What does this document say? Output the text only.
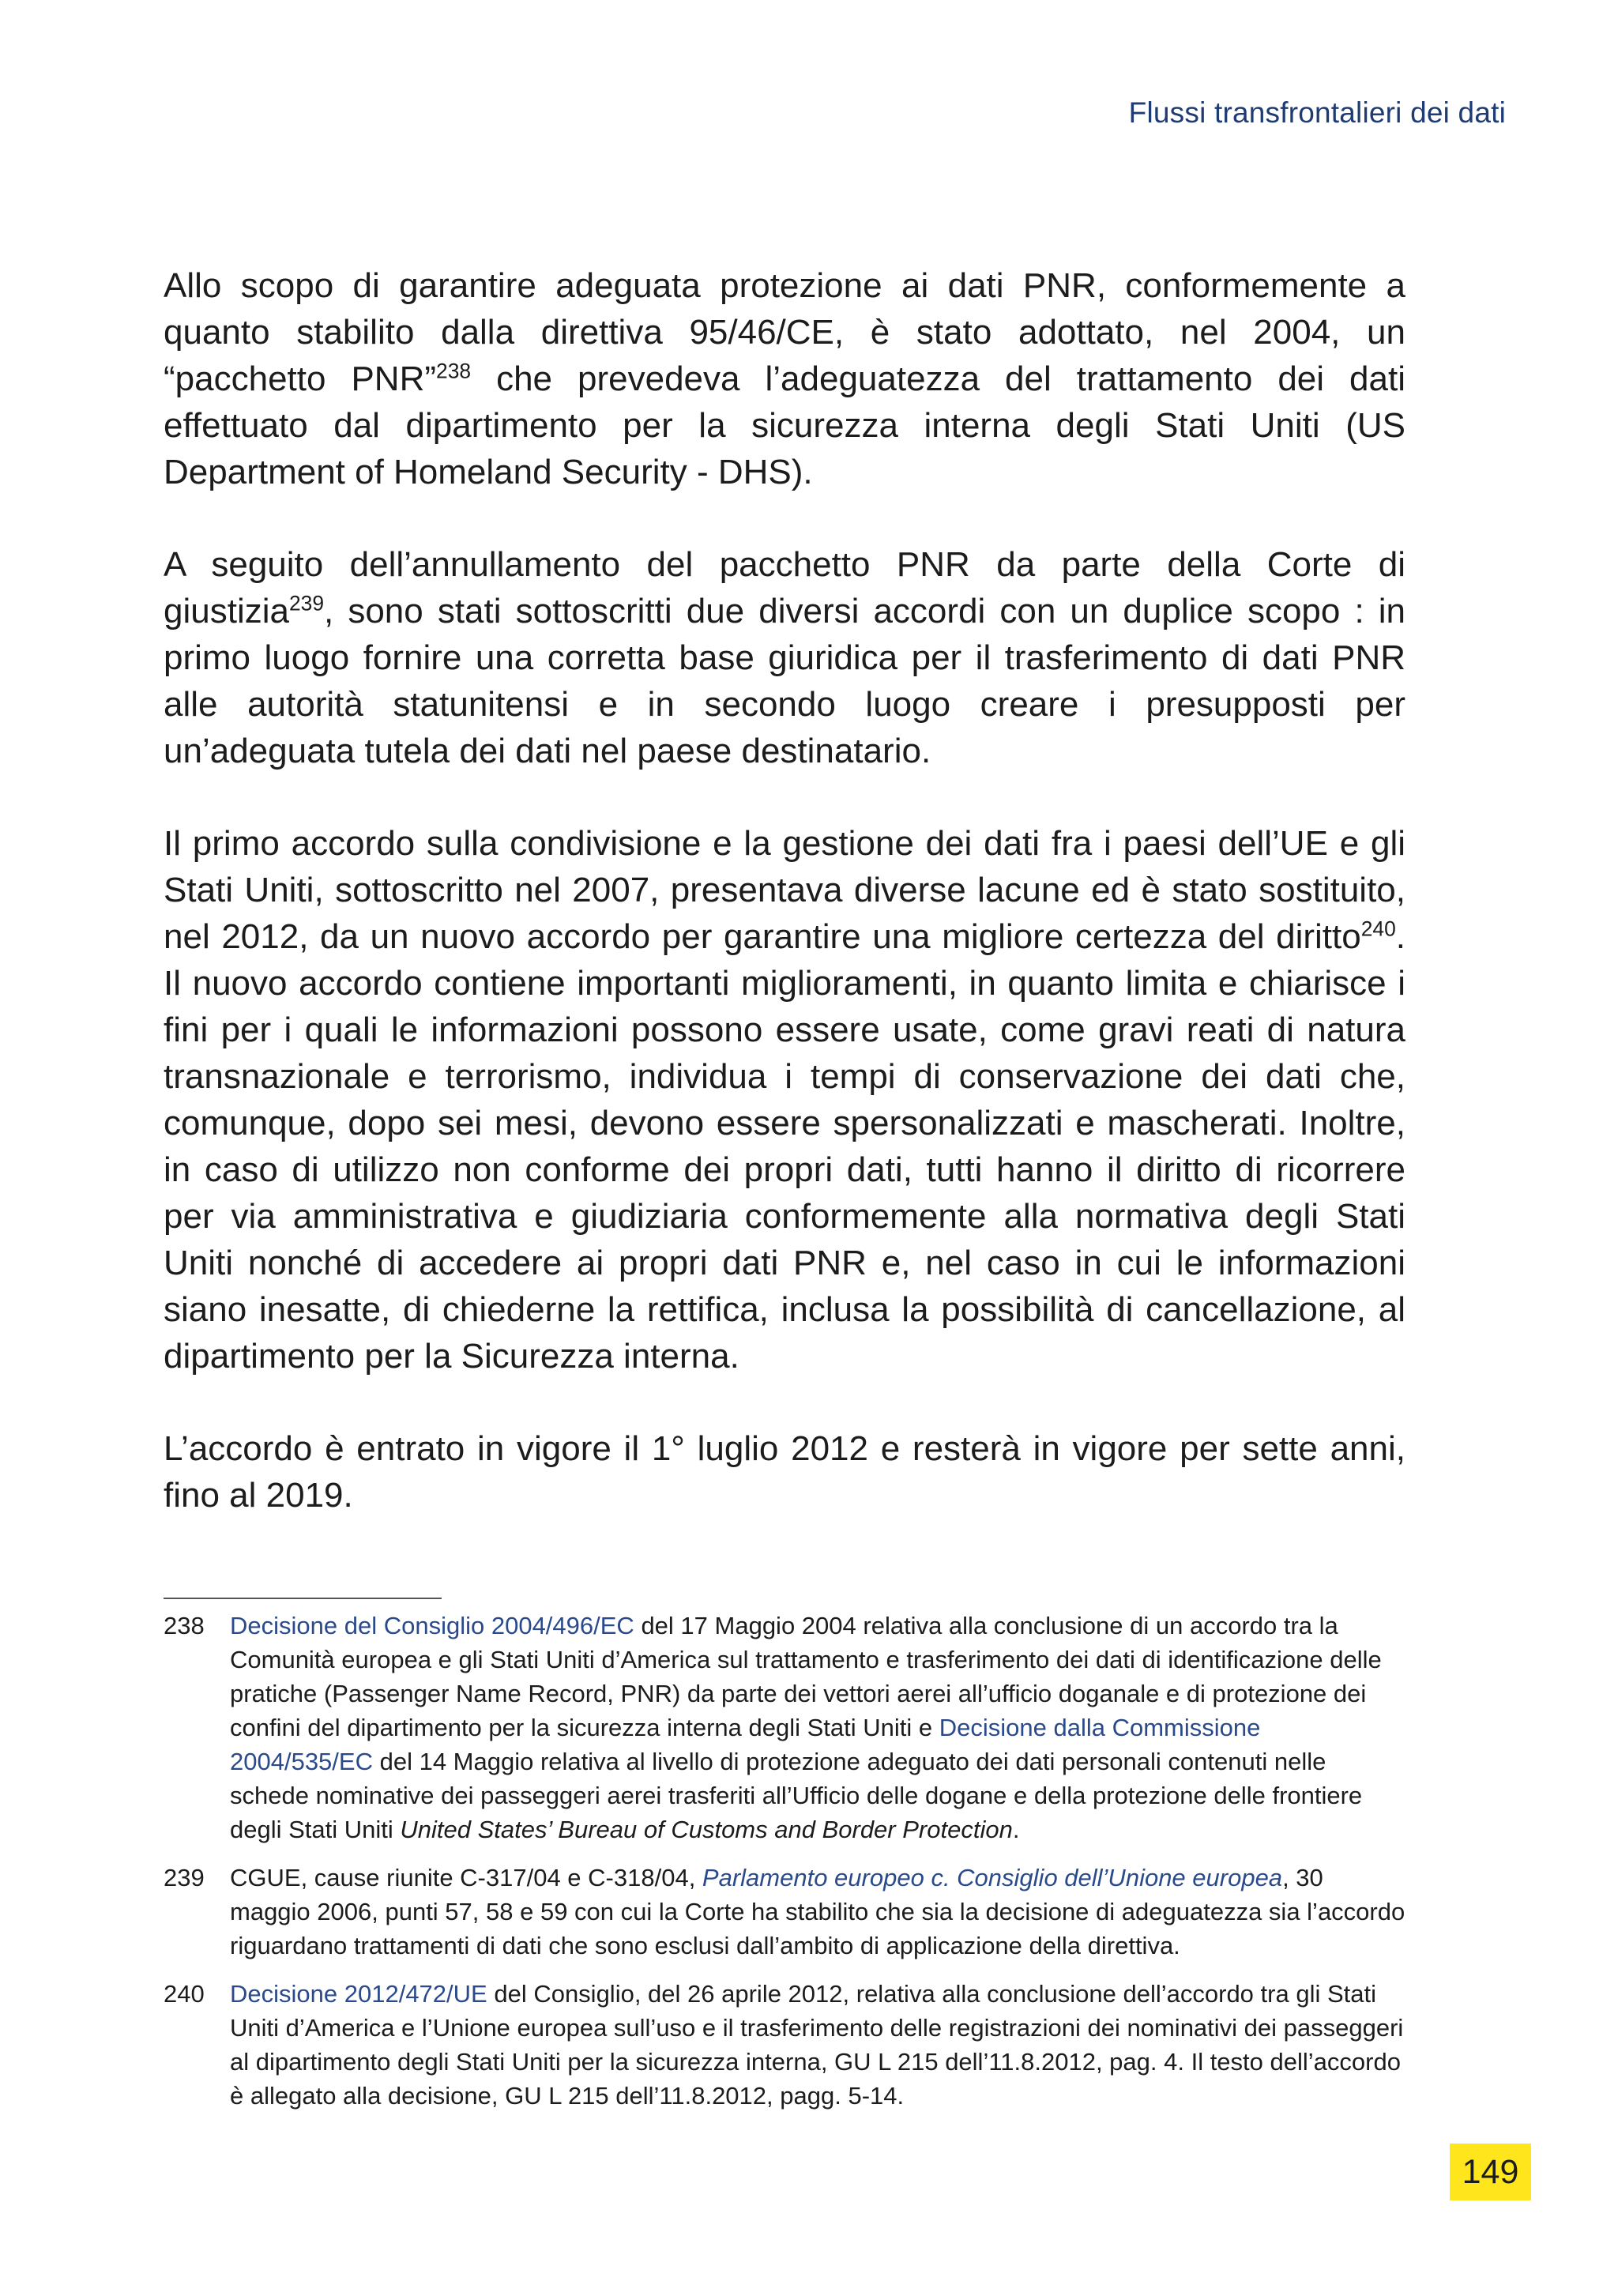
Flussi transfrontalieri dei dati

Allo scopo di garantire adeguata protezione ai dati PNR, conformemente a quanto stabilito dalla direttiva 95/46/CE, è stato adottato, nel 2004, un “pacchetto PNR”$^{238}$ che prevedeva l’adeguatezza del trattamento dei dati effettuato dal dipartimento per la sicurezza interna degli Stati Uniti (US Department of Homeland Security - DHS).

A seguito dell’annullamento del pacchetto PNR da parte della Corte di giustizia$^{239}$, sono stati sottoscritti due diversi accordi con un duplice scopo : in primo luogo fornire una corretta base giuridica per il trasferimento di dati PNR alle autorità statunitensi e in secondo luogo creare i presupposti per un’adeguata tutela dei dati nel paese destinatario.

Il primo accordo sulla condivisione e la gestione dei dati fra i paesi dell’UE e gli Stati Uniti, sottoscritto nel 2007, presentava diverse lacune ed è stato sostituito, nel 2012, da un nuovo accordo per garantire una migliore certezza del diritto$^{240}$. Il nuovo accordo contiene importanti miglioramenti, in quanto limita e chiarisce i fini per i quali le informazioni possono essere usate, come gravi reati di natura transnazionale e terrorismo, individua i tempi di conservazione dei dati che, comunque, dopo sei mesi, devono essere spersonalizzati e mascherati. Inoltre, in caso di utilizzo non conforme dei propri dati, tutti hanno il diritto di ricorrere per via amministrativa e giudiziaria conformemente alla normativa degli Stati Uniti nonché di accedere ai propri dati PNR e, nel caso in cui le informazioni siano inesatte, di chiederne la rettifica, inclusa la possibilità di cancellazione, al dipartimento per la Sicurezza interna.

L’accordo è entrato in vigore il 1° luglio 2012 e resterà in vigore per sette anni, fino al 2019.

238	Decisione del Consiglio 2004/496/EC del 17 Maggio 2004 relativa alla conclusione di un accordo tra la Comunità europea e gli Stati Uniti d’America sul trattamento e trasferimento dei dati di identificazione delle pratiche (Passenger Name Record, PNR) da parte dei vettori aerei all’ufficio doganale e di protezione dei confini del dipartimento per la sicurezza interna degli Stati Uniti e Decisione dalla Commissione 2004/535/EC del 14 Maggio relativa al livello di protezione adeguato dei dati personali contenuti nelle schede nominative dei passeggeri aerei trasferiti all’Ufficio delle dogane e della protezione delle frontiere degli Stati Uniti United States’ Bureau of Customs and Border Protection.
239	CGUE, cause riunite C-317/04 e C-318/04, Parlamento europeo c. Consiglio dell’Unione europea, 30 maggio 2006, punti 57, 58 e 59 con cui la Corte ha stabilito che sia la decisione di adeguatezza sia l’accordo riguardano trattamenti di dati che sono esclusi dall’ambito di applicazione della direttiva.
240	Decisione 2012/472/UE del Consiglio, del 26 aprile 2012, relativa alla conclusione dell’accordo tra gli Stati Uniti d’America e l’Unione europea sull’uso e il trasferimento delle registrazioni dei nominativi dei passeggeri al dipartimento degli Stati Uniti per la sicurezza interna, GU L 215 dell’11.8.2012, pag. 4. Il testo dell’accordo è allegato alla decisione, GU L 215 dell’11.8.2012, pagg. 5-14.
149
